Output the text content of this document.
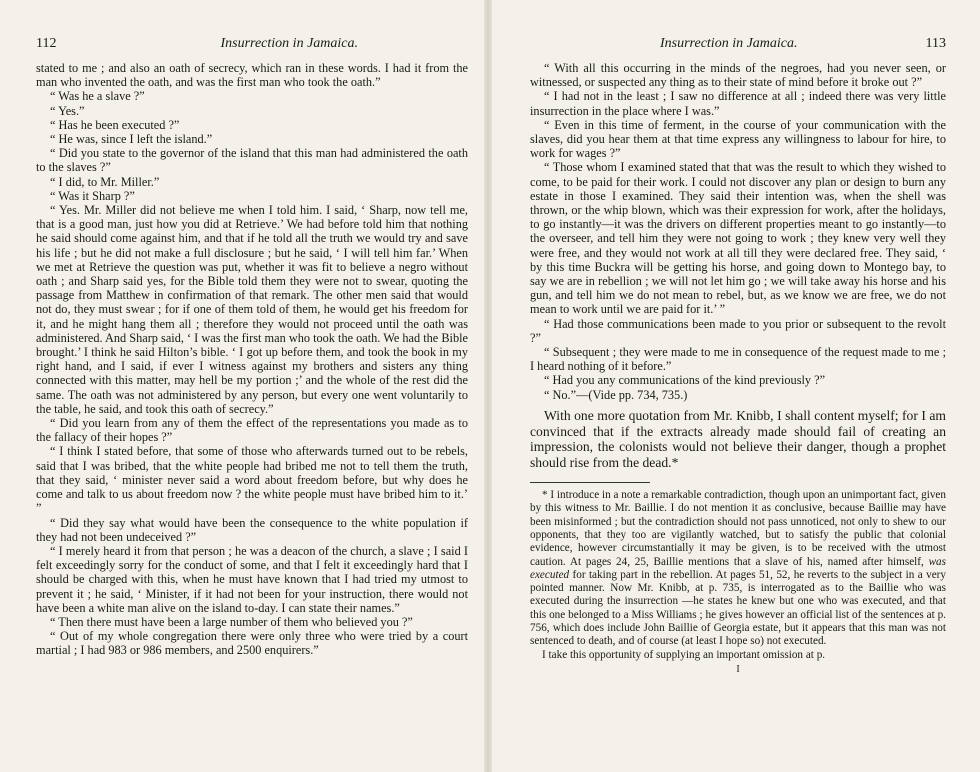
112	Insurrection in Jamaica.

stated to me ; and also an oath of secrecy, which ran in these words. I had it from the man who invented the oath, and was the first man who took the oath.”

“ Was he a slave ?”

“ Yes.”

“ Has he been executed ?”

“ He was, since I left the island.”

“ Did you state to the governor of the island that this man had administered the oath to the slaves ?”

“ I did, to Mr. Miller.”

“ Was it Sharp ?”

“ Yes. Mr. Miller did not believe me when I told him. I said, ‘ Sharp, now tell me, that is a good man, just how you did at Retrieve.’ We had before told him that nothing he said should come against him, and that if he told all the truth we would try and save his life ; but he did not make a full disclosure ; but he said, ‘ I will tell him far.’ When we met at Retrieve the question was put, whether it was fit to believe a negro without oath ; and Sharp said yes, for the Bible told them they were not to swear, quoting the passage from Matthew in confirmation of that remark. The other men said that would not do, they must swear ; for if one of them told of them, he would get his freedom for it, and he might hang them all ; therefore they would not proceed until the oath was administered. And Sharp said, ‘ I was the first man who took the oath. We had the Bible brought.’ I think he said Hilton’s bible. ‘ I got up before them, and took the book in my right hand, and I said, if ever I witness against my brothers and sisters any thing connected with this matter, may hell be my portion ;’ and the whole of the rest did the same. The oath was not administered by any person, but every one went voluntarily to the table, he said, and took this oath of secrecy.”

“ Did you learn from any of them the effect of the representations you made as to the fallacy of their hopes ?”

“ I think I stated before, that some of those who afterwards turned out to be rebels, said that I was bribed, that the white people had bribed me not to tell them the truth, that they said, ‘ minister never said a word about freedom before, but why does he come and talk to us about freedom now ? the white people must have bribed him to it.’ ”

“ Did they say what would have been the consequence to the white population if they had not been undeceived ?”

“ I merely heard it from that person ; he was a deacon of the church, a slave ; I said I felt exceedingly sorry for the conduct of some, and that I felt it exceedingly hard that I should be charged with this, when he must have known that I had tried my utmost to prevent it ; he said, ‘ Minister, if it had not been for your instruction, there would not have been a white man alive on the island to-day. I can state their names.”

“ Then there must have been a large number of them who believed you ?”

“ Out of my whole congregation there were only three who were tried by a court martial ; I had 983 or 986 members, and 2500 enquirers.”

Insurrection in Jamaica.	113

“ With all this occurring in the minds of the negroes, had you never seen, or witnessed, or suspected any thing as to their state of mind before it broke out ?”

“ I had not in the least ; I saw no difference at all ; indeed there was very little insurrection in the place where I was.”

“ Even in this time of ferment, in the course of your communication with the slaves, did you hear them at that time express any willingness to labour for hire, to work for wages ?”

“ Those whom I examined stated that that was the result to which they wished to come, to be paid for their work. I could not discover any plan or design to burn any estate in those I examined. They said their intention was, when the shell was thrown, or the whip blown, which was their expression for work, after the holidays, to go instantly—it was the drivers on different properties meant to go instantly—to the overseer, and tell him they were not going to work ; they knew very well they were free, and they would not work at all till they were declared free. They said, ‘ by this time Buckra will be getting his horse, and going down to Montego bay, to say we are in rebellion ; we will not let him go ; we will take away his horse and his gun, and tell him we do not mean to rebel, but, as we know we are free, we do not mean to work until we are paid for it.’ ”

“ Had those communications been made to you prior or subsequent to the revolt ?”

“ Subsequent ; they were made to me in consequence of the request made to me ; I heard nothing of it before.”

“ Had you any communications of the kind previously ?”

“ No.”—(Vide pp. 734, 735.)

With one more quotation from Mr. Knibb, I shall content myself; for I am convinced that if the extracts already made should fail of creating an impression, the colonists would not believe their danger, though a prophet should rise from the dead.*

* I introduce in a note a remarkable contradiction, though upon an unimportant fact, given by this witness to Mr. Baillie. I do not mention it as conclusive, because Baillie may have been misinformed ; but the contradiction should not pass unnoticed, not only to shew to our opponents, that they too are vigilantly watched, but to satisfy the public that colonial evidence, however circumstantially it may be given, is to be received with the utmost caution. At pages 24, 25, Baillie mentions that a slave of his, named after himself, was executed for taking part in the rebellion. At pages 51, 52, he reverts to the subject in a very pointed manner. Now Mr. Knibb, at p. 735, is interrogated as to the Baillie who was executed during the insurrection —he states he knew but one who was executed, and that this one belonged to a Miss Williams ; he gives however an official list of the sentences at p. 756, which does include John Baillie of Georgia estate, but it appears that this man was not sentenced to death, and of course (at least I hope so) not executed.

I take this opportunity of supplying an important omission at p.

I
